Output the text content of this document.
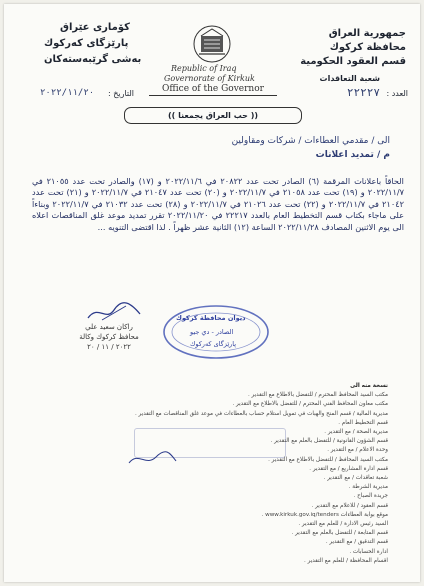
جمهورية العراق
محافظة كركوك
قسم العقود الحكومية
كۆماری عێراق
پارێزگای کەرکوك
بەشی گرێبەستەکان
Republic of Iraq
Governorate of Kirkuk
Office of the Governor
شعبة التعاقدات
العدد :
٢٢٢٢٧
التاريخ :
٢٠٢٢/١١/٢٠
(( حب العراق يجمعنا ))
الى / مقدمي العطاءات / شركات ومقاولين
م / تمديد اعلانات
الحاقاً باعلانات المرقمة (٦) الصادر تحت عدد ٢٠٨٢٢ في ٢٠٢٢/١١/٦ و (١٧) والصادر تحت عدد ٢١٠٥٥ في ٢٠٢٢/١١/٧ و (١٩) تحت عدد ٢١٠٥٨ في ٢٠٢٢/١١/٧ و (٢٠) تحت عدد ٢١٠٤٧ في ٢٠٢٢/١١/٧ و (٢١) تحت عدد ٢١٠٤٢ في ٢٠٢٢/١١/٧ و (٢٢) تحت عدد ٢١٠٢٦ في ٢٠٢٢/١١/٧ و (٢٨) تحت عدد ٢١٠٣٢ في ٢٠٢٢/١١/٧ وبناءاً على ماجاء بكتاب قسم التخطيط العام بالعدد ٢٢٢١٧ في ٢٠٢٢/١١/٢٠ تقرر تمديد موعد غلق المناقصات اعلاه الى يوم الاثنين المصادف ٢٠٢٢/١١/٢٨ الساعة (١٢) الثانية عشر ظهراً . لذا اقتضى التنويه ...
راكان سعيد علي
محافظ كركوك وكالة
٢٠٢٢ / ١١ / ٢٠
ديوان محافظة كركوك
الصادر - دي جيو
پارێزگای کەرکوك
نسخة منه الى
مكتب السيد المحافظ المحترم / للتفضل بالاطلاع مع التقدير .
مكتب معاون المحافظ الفني المحترم / للتفضل بالاطلاع مع التقدير .
مديرية المالية / قسم المنح والهبات في تمويل استلام حساب بالعطاءات في موعد غلق المناقصات مع التقدير .
قسم التخطيط العام .
مديرية الصحة / مع التقدير .
قسم الشؤون القانونية / للتفضل بالعلم مع التقدير .
وحدة الاعلام / مع التقدير .
مكتب السيد المحافظ / للتفضل بالاطلاع مع التقدير .
قسم ادارة المشاريع / مع التقدير .
شعبة تعاقدات / مع التقدير .
مديرية الشرطة .
جريدة الصباح .
قسم العقود / للاعلام مع التقدير .
موقع بوابة العطاءات www.kirkuk.gov.iq/tenders .
السيد رئيس الادارة / للعلم مع التقدير .
قسم المتابعة / للتفضل بالعلم مع التقدير .
قسم التدقيق / مع التقدير .
ادارة الحسابات .
اقسام المحافظة / للعلم مع التقدير .
